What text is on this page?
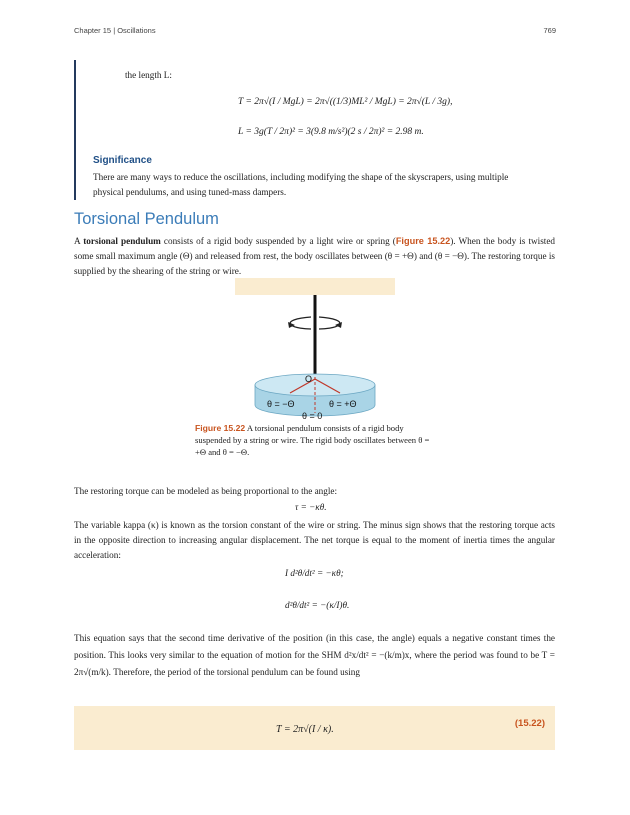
Chapter 15 | Oscillations	769
the length L:
T = 2π√(I / MgL) = 2π√((1/3)ML² / MgL) = 2π√(L / 3g),
L = 3g(T / 2π)² = 3(9.8 m/s²)(2 s / 2π)² = 2.98 m.
Significance
There are many ways to reduce the oscillations, including modifying the shape of the skyscrapers, using multiple physical pendulums, and using tuned-mass dampers.
Torsional Pendulum
A torsional pendulum consists of a rigid body suspended by a light wire or spring (Figure 15.22). When the body is twisted some small maximum angle (Θ) and released from rest, the body oscillates between (θ = +Θ) and (θ = −Θ). The restoring torque is supplied by the shearing of the string or wire.
O
θ = −Θ	θ = +Θ
θ = 0
Figure 15.22 A torsional pendulum consists of a rigid body suspended by a string or wire. The rigid body oscillates between θ = +Θ and θ = −Θ.
The restoring torque can be modeled as being proportional to the angle:
τ = −κθ.
The variable kappa (κ) is known as the torsion constant of the wire or string. The minus sign shows that the restoring torque acts in the opposite direction to increasing angular displacement. The net torque is equal to the moment of inertia times the angular acceleration:
I d²θ/dt² = −κθ;
d²θ/dt² = −(κ/I)θ.
This equation says that the second time derivative of the position (in this case, the angle) equals a negative constant times the position. This looks very similar to the equation of motion for the SHM d²x/dt² = −(k/m)x, where the period was found to be T = 2π√(m/k). Therefore, the period of the torsional pendulum can be found using
T = 2π√(I / κ).
(15.22)
